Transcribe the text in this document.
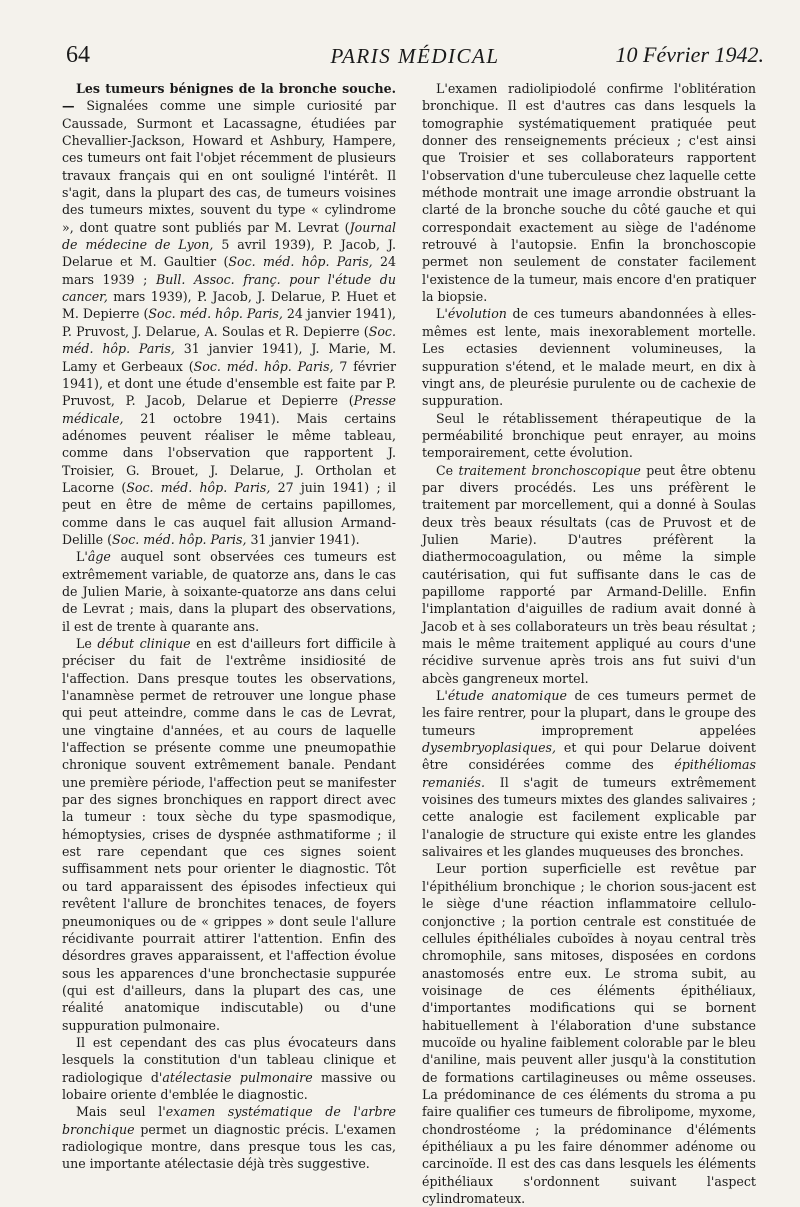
64	PARIS MÉDICAL	10 Février 1942.

Les tumeurs bénignes de la bronche souche. — Signalées comme une simple curiosité par Caussade, Surmont et Lacassagne, étudiées par Chevallier-Jackson, Howard et Ashbury, Hampere, ces tumeurs ont fait l'objet récemment de plusieurs travaux français qui en ont souligné l'intérêt. Il s'agit, dans la plupart des cas, de tumeurs voisines des tumeurs mixtes, souvent du type « cylindrome », dont quatre sont publiés par M. Levrat (Journal de médecine de Lyon, 5 avril 1939), P. Jacob, J. Delarue et M. Gaultier (Soc. méd. hôp. Paris, 24 mars 1939 ; Bull. Assoc. franç. pour l'étude du cancer, mars 1939), P. Jacob, J. Delarue, P. Huet et M. Depierre (Soc. méd. hôp. Paris, 24 janvier 1941), P. Pruvost, J. Delarue, A. Soulas et R. Depierre (Soc. méd. hôp. Paris, 31 janvier 1941), J. Marie, M. Lamy et Gerbeaux (Soc. méd. hôp. Paris, 7 février 1941), et dont une étude d'ensemble est faite par P. Pruvost, P. Jacob, Delarue et Depierre (Presse médicale, 21 octobre 1941). Mais certains adénomes peuvent réaliser le même tableau, comme dans l'observation que rapportent J. Troisier, G. Brouet, J. Delarue, J. Ortholan et Lacorne (Soc. méd. hôp. Paris, 27 juin 1941) ; il peut en être de même de certains papillomes, comme dans le cas auquel fait allusion Armand-Delille (Soc. méd. hôp. Paris, 31 janvier 1941).

L'âge auquel sont observées ces tumeurs est extrêmement variable, de quatorze ans, dans le cas de Julien Marie, à soixante-quatorze ans dans celui de Levrat ; mais, dans la plupart des observations, il est de trente à quarante ans.

Le début clinique en est d'ailleurs fort difficile à préciser du fait de l'extrême insidiosité de l'affection. Dans presque toutes les observations, l'anamnèse permet de retrouver une longue phase qui peut atteindre, comme dans le cas de Levrat, une vingtaine d'années, et au cours de laquelle l'affection se présente comme une pneumopathie chronique souvent extrêmement banale. Pendant une première période, l'affection peut se manifester par des signes bronchiques en rapport direct avec la tumeur : toux sèche du type spasmodique, hémoptysies, crises de dyspnée asthmatiforme ; il est rare cependant que ces signes soient suffisamment nets pour orienter le diagnostic. Tôt ou tard apparaissent des épisodes infectieux qui revêtent l'allure de bronchites tenaces, de foyers pneumoniques ou de « grippes » dont seule l'allure récidivante pourrait attirer l'attention. Enfin des désordres graves apparaissent, et l'affection évolue sous les apparences d'une bronchectasie suppurée (qui est d'ailleurs, dans la plupart des cas, une réalité anatomique indiscutable) ou d'une suppuration pulmonaire.

Il est cependant des cas plus évocateurs dans lesquels la constitution d'un tableau clinique et radiologique d'atélectasie pulmonaire massive ou lobaire oriente d'emblée le diagnostic.

Mais seul l'examen systématique de l'arbre bronchique permet un diagnostic précis. L'examen radiologique montre, dans presque tous les cas, une importante atélectasie déjà très suggestive.

L'examen radiolipiodolé confirme l'oblitération bronchique. Il est d'autres cas dans lesquels la tomographie systématiquement pratiquée peut donner des renseignements précieux ; c'est ainsi que Troisier et ses collaborateurs rapportent l'observation d'une tuberculeuse chez laquelle cette méthode montrait une image arrondie obstruant la clarté de la bronche souche du côté gauche et qui correspondait exactement au siège de l'adénome retrouvé à l'autopsie. Enfin la bronchoscopie permet non seulement de constater facilement l'existence de la tumeur, mais encore d'en pratiquer la biopsie.

L'évolution de ces tumeurs abandonnées à elles-mêmes est lente, mais inexorablement mortelle. Les ectasies deviennent volumineuses, la suppuration s'étend, et le malade meurt, en dix à vingt ans, de pleurésie purulente ou de cachexie de suppuration.

Seul le rétablissement thérapeutique de la perméabilité bronchique peut enrayer, au moins temporairement, cette évolution.

Ce traitement bronchoscopique peut être obtenu par divers procédés. Les uns préfèrent le traitement par morcellement, qui a donné à Soulas deux très beaux résultats (cas de Pruvost et de Julien Marie). D'autres préfèrent la diathermocoagulation, ou même la simple cautérisation, qui fut suffisante dans le cas de papillome rapporté par Armand-Delille. Enfin l'implantation d'aiguilles de radium avait donné à Jacob et à ses collaborateurs un très beau résultat ; mais le même traitement appliqué au cours d'une récidive survenue après trois ans fut suivi d'un abcès gangreneux mortel.

L'étude anatomique de ces tumeurs permet de les faire rentrer, pour la plupart, dans le groupe des tumeurs improprement appelées dysembryoplasiques, et qui pour Delarue doivent être considérées comme des épithéliomas remaniés. Il s'agit de tumeurs extrêmement voisines des tumeurs mixtes des glandes salivaires ; cette analogie est facilement explicable par l'analogie de structure qui existe entre les glandes salivaires et les glandes muqueuses des bronches.

Leur portion superficielle est revêtue par l'épithélium bronchique ; le chorion sous-jacent est le siège d'une réaction inflammatoire cellulo-conjonctive ; la portion centrale est constituée de cellules épithéliales cuboïdes à noyau central très chromophile, sans mitoses, disposées en cordons anastomosés entre eux. Le stroma subit, au voisinage de ces éléments épithéliaux, d'importantes modifications qui se bornent habituellement à l'élaboration d'une substance mucoïde ou hyaline faiblement colorable par le bleu d'aniline, mais peuvent aller jusqu'à la constitution de formations cartilagineuses ou même osseuses. La prédominance de ces éléments du stroma a pu faire qualifier ces tumeurs de fibrolipome, myxome, chondrostéome ; la prédominance d'éléments épithéliaux a pu les faire dénommer adénome ou carcinoïde. Il est des cas dans lesquels les éléments épithéliaux s'ordonnent suivant l'aspect cylindromateux.
